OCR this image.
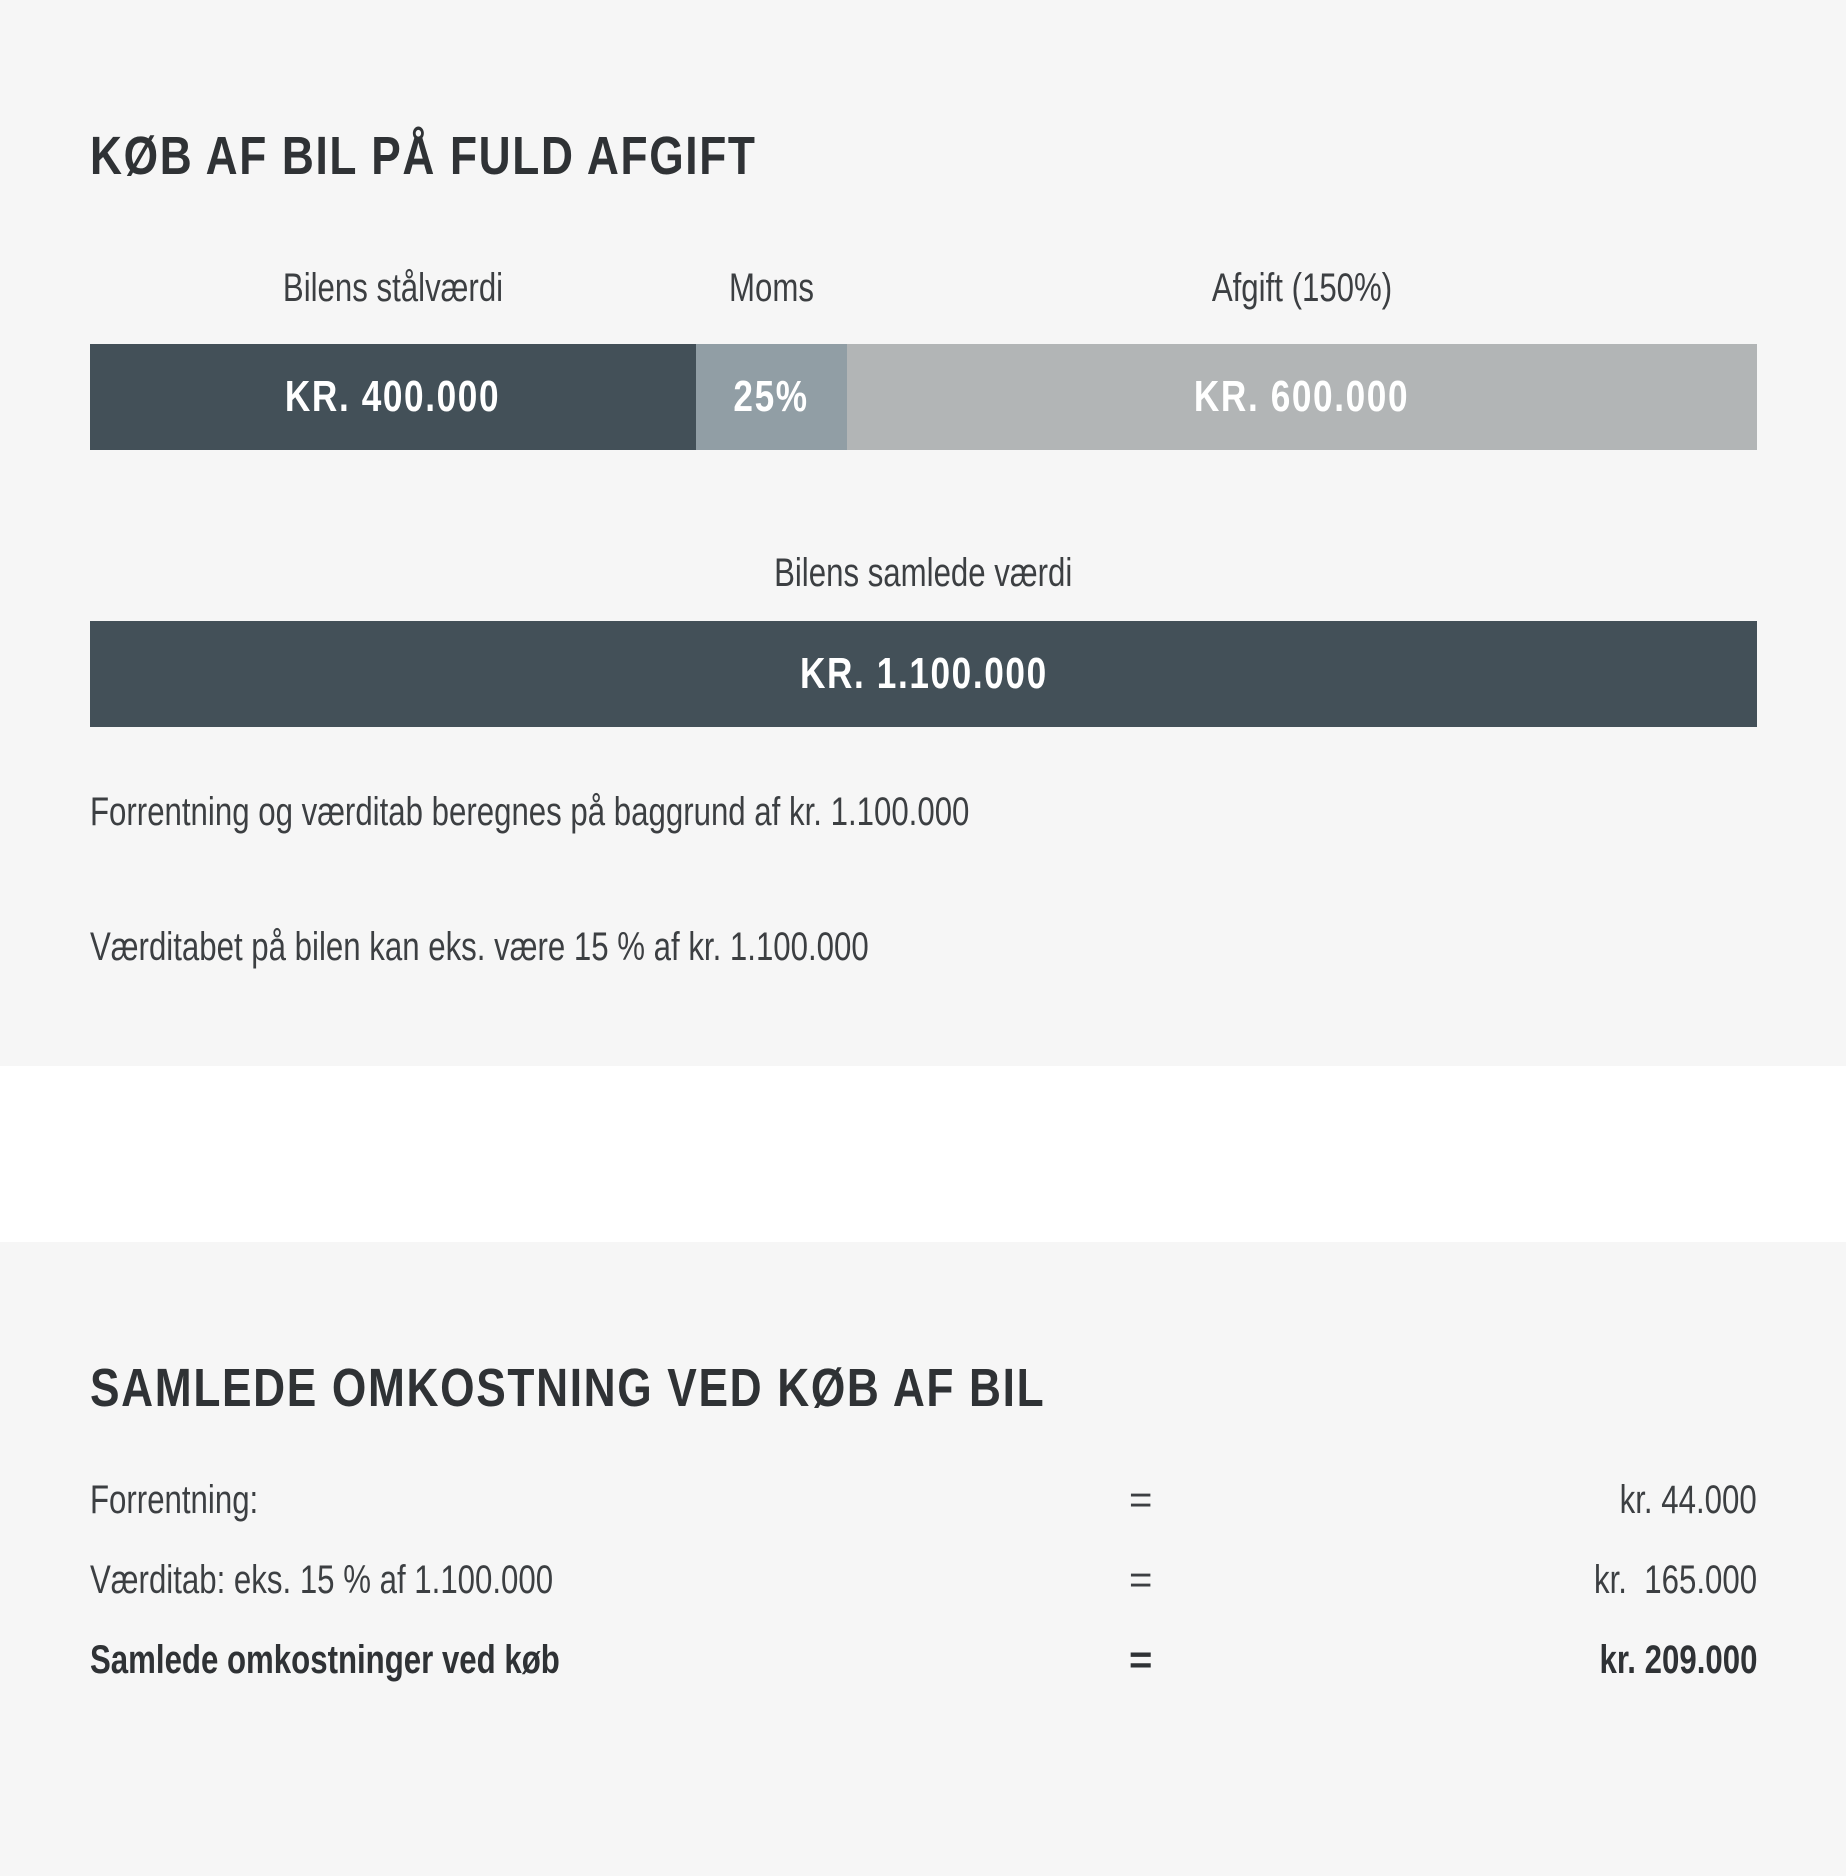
KØB AF BIL PÅ FULD AFGIFT
Bilens stålværdi	Moms	Afgift (150%)
KR. 400.000	25%	KR. 600.000
Bilens samlede værdi
KR. 1.100.000
Forrentning og værditab beregnes på baggrund af kr. 1.100.000
Værditabet på bilen kan eks. være 15 % af kr. 1.100.000
SAMLEDE OMKOSTNING VED KØB AF BIL
Forrentning:	=	kr. 44.000
Værditab: eks. 15 % af 1.100.000	=	kr.  165.000
Samlede omkostninger ved køb	=	kr. 209.000
